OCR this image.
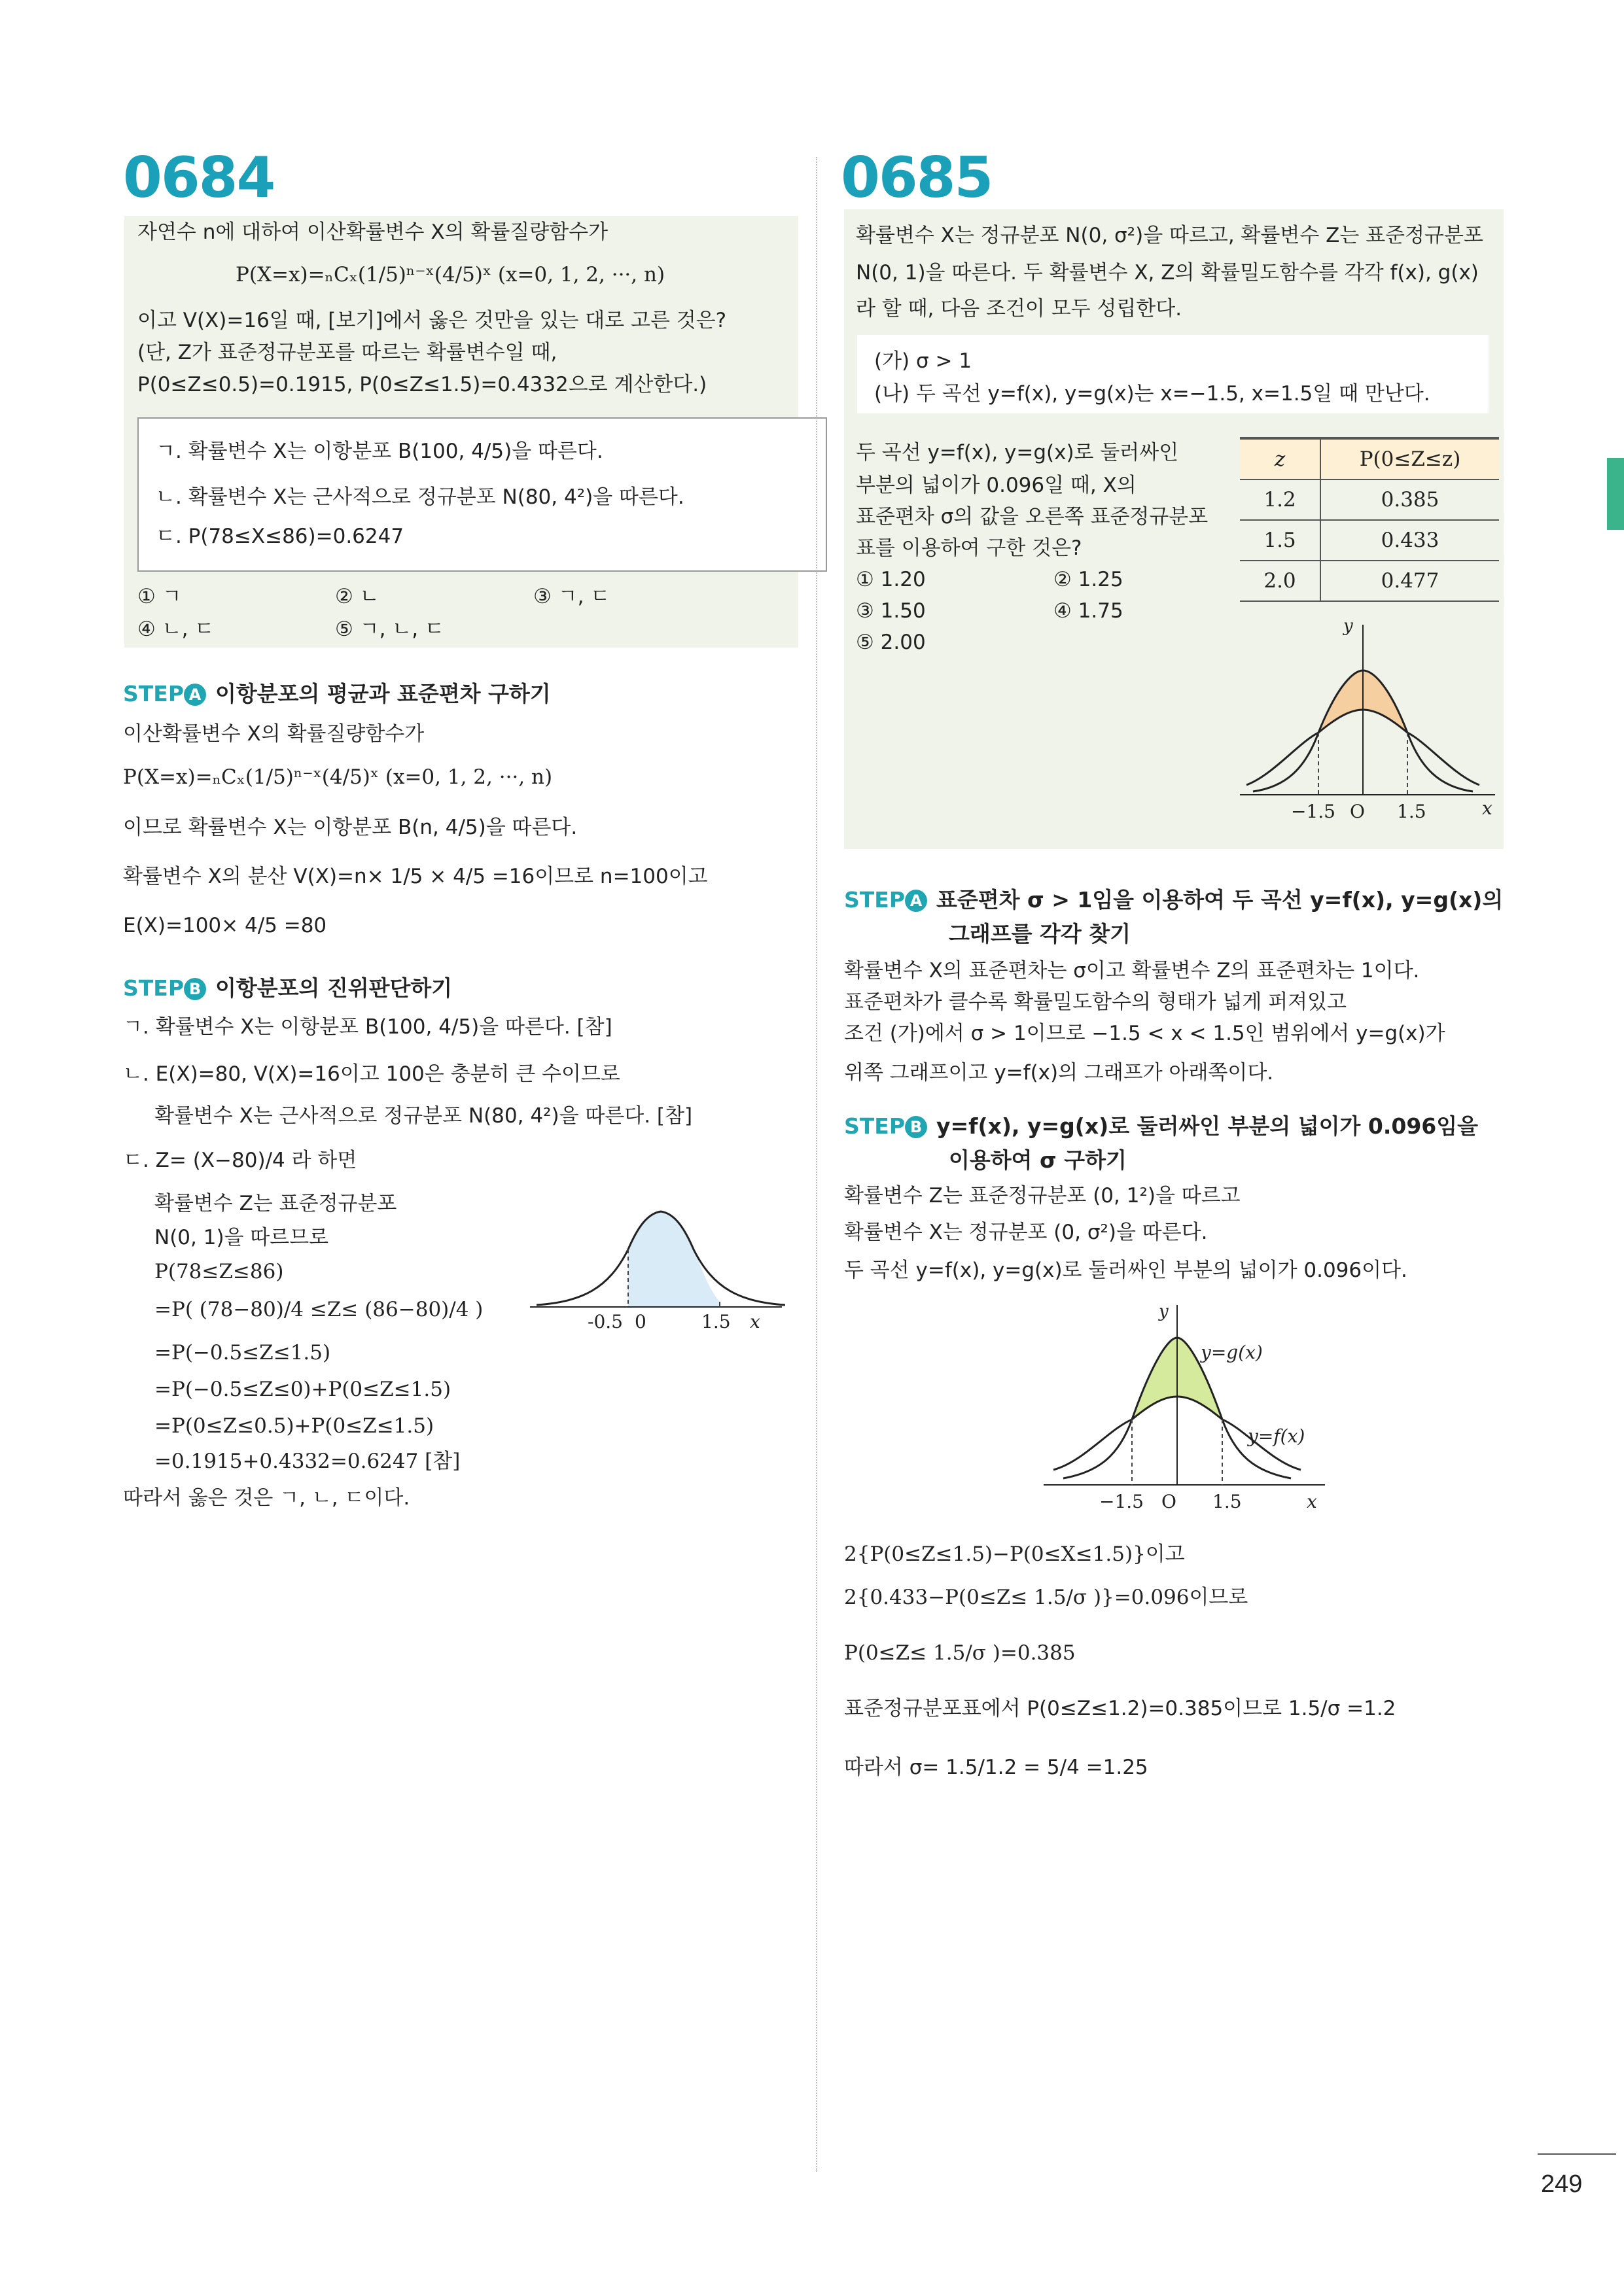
0684
자연수 n에 대하여 이산확률변수 X의 확률질량함수가
P(X=x)=ₙCₓ(1/5)ⁿ⁻ˣ(4/5)ˣ (x=0, 1, 2, ···, n)
이고 V(X)=16일 때, [보기]에서 옳은 것만을 있는 대로 고른 것은?
(단, Z가 표준정규분포를 따르는 확률변수일 때,
P(0≤Z≤0.5)=0.1915, P(0≤Z≤1.5)=0.4332으로 계산한다.)
ㄱ. 확률변수 X는 이항분포 B(100, 4/5)을 따른다.
ㄴ. 확률변수 X는 근사적으로 정규분포 N(80, 4²)을 따른다.
ㄷ. P(78≤X≤86)=0.6247
① ㄱ	② ㄴ	③ ㄱ, ㄷ
④ ㄴ, ㄷ	⑤ ㄱ, ㄴ, ㄷ
STEP A 이항분포의 평균과 표준편차 구하기
이산확률변수 X의 확률질량함수가
P(X=x)=ₙCₓ(1/5)ⁿ⁻ˣ(4/5)ˣ (x=0, 1, 2, ···, n)
이므로 확률변수 X는 이항분포 B(n, 4/5)을 따른다.
확률변수 X의 분산 V(X)=n× 1/5 × 4/5 =16이므로 n=100이고
E(X)=100× 4/5 =80
STEP B 이항분포의 진위판단하기
ㄱ. 확률변수 X는 이항분포 B(100, 4/5)을 따른다. [참]
ㄴ. E(X)=80, V(X)=16이고 100은 충분히 큰 수이므로
확률변수 X는 근사적으로 정규분포 N(80, 4²)을 따른다. [참]
ㄷ. Z= (X−80)/4 라 하면
확률변수 Z는 표준정규분포
N(0, 1)을 따르므로
P(78≤Z≤86)
=P( (78−80)/4 ≤Z≤ (86−80)/4 )
=P(−0.5≤Z≤1.5)
=P(−0.5≤Z≤0)+P(0≤Z≤1.5)
=P(0≤Z≤0.5)+P(0≤Z≤1.5)
=0.1915+0.4332=0.6247 [참]
따라서 옳은 것은 ㄱ, ㄴ, ㄷ이다.
-0.5 0	1.5 x
0685
확률변수 X는 정규분포 N(0, σ²)을 따르고, 확률변수 Z는 표준정규분포
N(0, 1)을 따른다. 두 확률변수 X, Z의 확률밀도함수를 각각 f(x), g(x)
라 할 때, 다음 조건이 모두 성립한다.
(가) σ > 1
(나) 두 곡선 y=f(x), y=g(x)는 x=−1.5, x=1.5일 때 만난다.
두 곡선 y=f(x), y=g(x)로 둘러싸인
부분의 넓이가 0.096일 때, X의
표준편차 σ의 값을 오른쪽 표준정규분포
표를 이용하여 구한 것은?
① 1.20	② 1.25
③ 1.50	④ 1.75
⑤ 2.00
z	P(0≤Z≤z)
1.2	0.385
1.5	0.433
2.0	0.477
y
−1.5 O 1.5	x
STEP A 표준편차 σ > 1임을 이용하여 두 곡선 y=f(x), y=g(x)의
그래프를 각각 찾기
확률변수 X의 표준편차는 σ이고 확률변수 Z의 표준편차는 1이다.
표준편차가 클수록 확률밀도함수의 형태가 넓게 퍼져있고
조건 (가)에서 σ > 1이므로 −1.5 < x < 1.5인 범위에서 y=g(x)가
위쪽 그래프이고 y=f(x)의 그래프가 아래쪽이다.
STEP B y=f(x), y=g(x)로 둘러싸인 부분의 넓이가 0.096임을
이용하여 σ 구하기
확률변수 Z는 표준정규분포 (0, 1²)을 따르고
확률변수 X는 정규분포 (0, σ²)을 따른다.
두 곡선 y=f(x), y=g(x)로 둘러싸인 부분의 넓이가 0.096이다.
y
y=g(x)
y=f(x)
−1.5 O 1.5	x
2{P(0≤Z≤1.5)−P(0≤X≤1.5)}이고
2{0.433−P(0≤Z≤ 1.5/σ )}=0.096이므로
P(0≤Z≤ 1.5/σ )=0.385
표준정규분포표에서 P(0≤Z≤1.2)=0.385이므로 1.5/σ =1.2
따라서 σ= 1.5/1.2 = 5/4 =1.25
249
